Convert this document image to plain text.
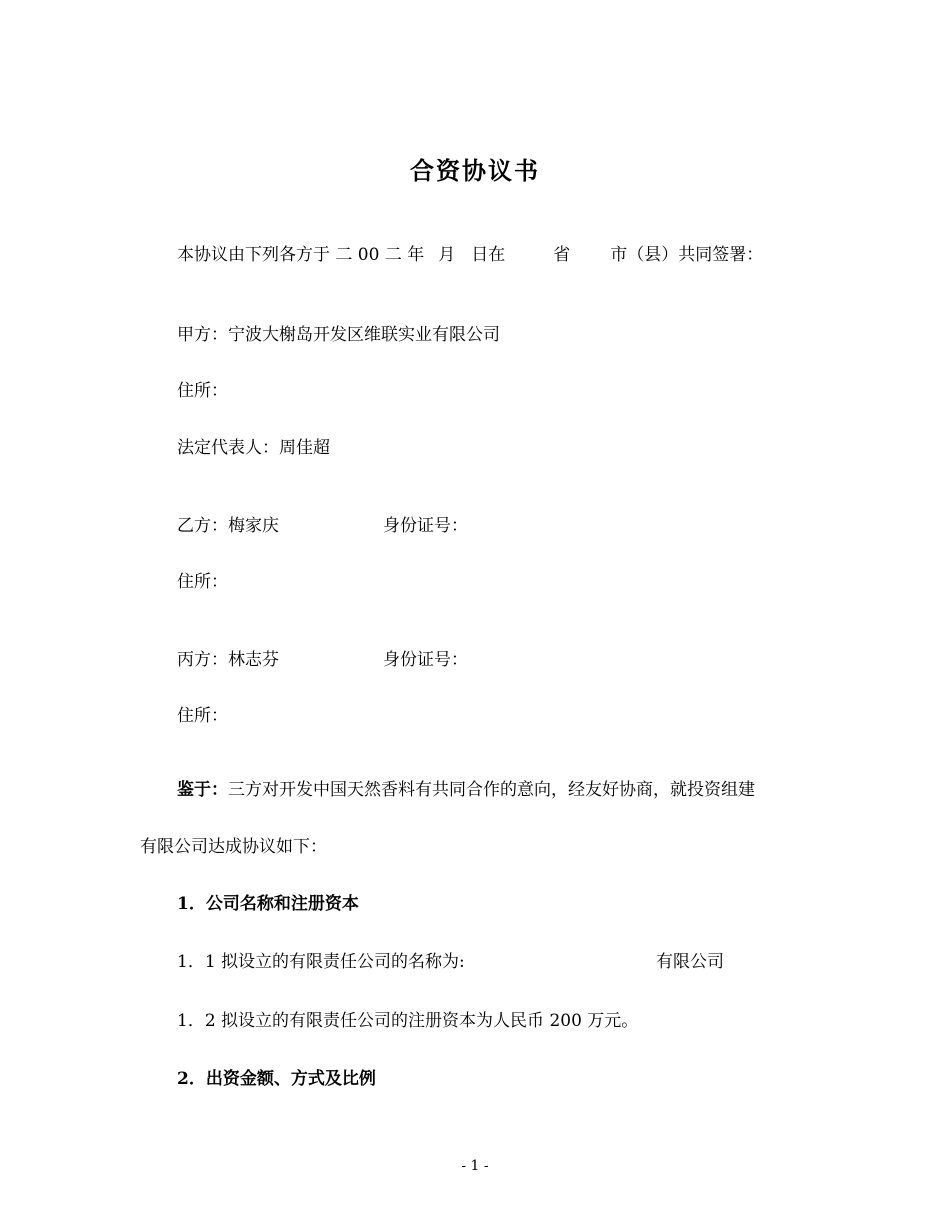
合资协议书
本协议由下列各方于 二 00 二 年 月 日在	省 市（县）共同签署：
甲方：宁波大榭岛开发区维联实业有限公司
住所：
法定代表人：周佳超
乙方：梅家庆	身份证号：
住所：
丙方：林志芬	身份证号：
住所：
鉴于：三方对开发中国天然香料有共同合作的意向，经友好协商，就投资组建
有限公司达成协议如下：
1．公司名称和注册资本
1．1 拟设立的有限责任公司的名称为:	有限公司
1．2 拟设立的有限责任公司的注册资本为人民币 200 万元。
2．出资金额、方式及比例
- 1 -
